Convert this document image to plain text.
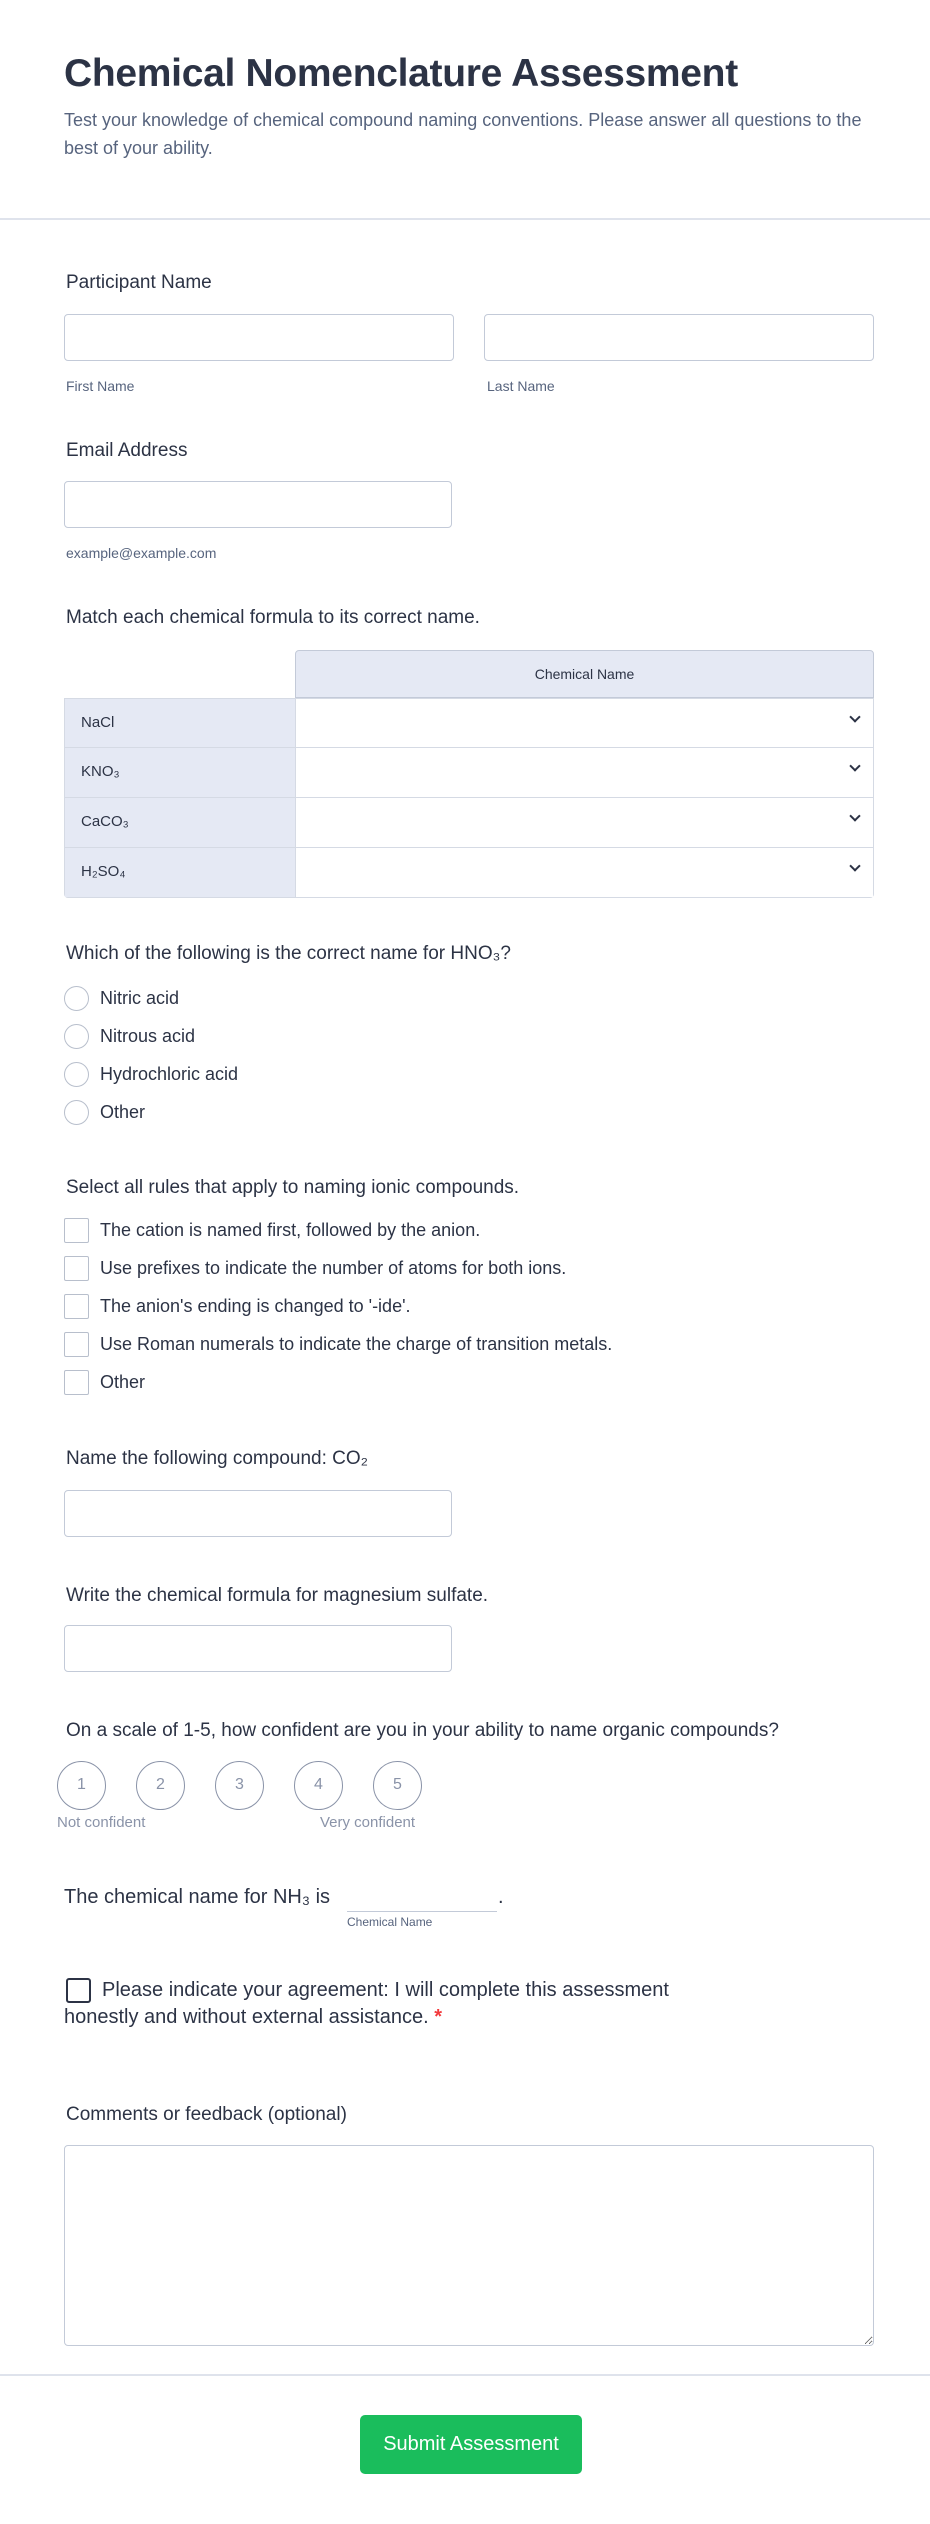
Chemical Nomenclature Assessment

Test your knowledge of chemical compound naming conventions. Please answer all questions to the best of your ability.

Participant Name
First Name	Last Name
Email Address
example@example.com
Match each chemical formula to its correct name.
Chemical Name
NaCl
KNO₃
CaCO₃
H₂SO₄
Which of the following is the correct name for HNO₃?
Nitric acid
Nitrous acid
Hydrochloric acid
Other
Select all rules that apply to naming ionic compounds.
The cation is named first, followed by the anion.
Use prefixes to indicate the number of atoms for both ions.
The anion's ending is changed to '-ide'.
Use Roman numerals to indicate the charge of transition metals.
Other
Name the following compound: CO₂
Write the chemical formula for magnesium sulfate.
On a scale of 1-5, how confident are you in your ability to name organic compounds?
1	2	3	4	5
Not confident	Very confident
The chemical name for NH₃ is	.
Chemical Name
Please indicate your agreement: I will complete this assessment
honestly and without external assistance. *
Comments or feedback (optional)
Submit Assessment
